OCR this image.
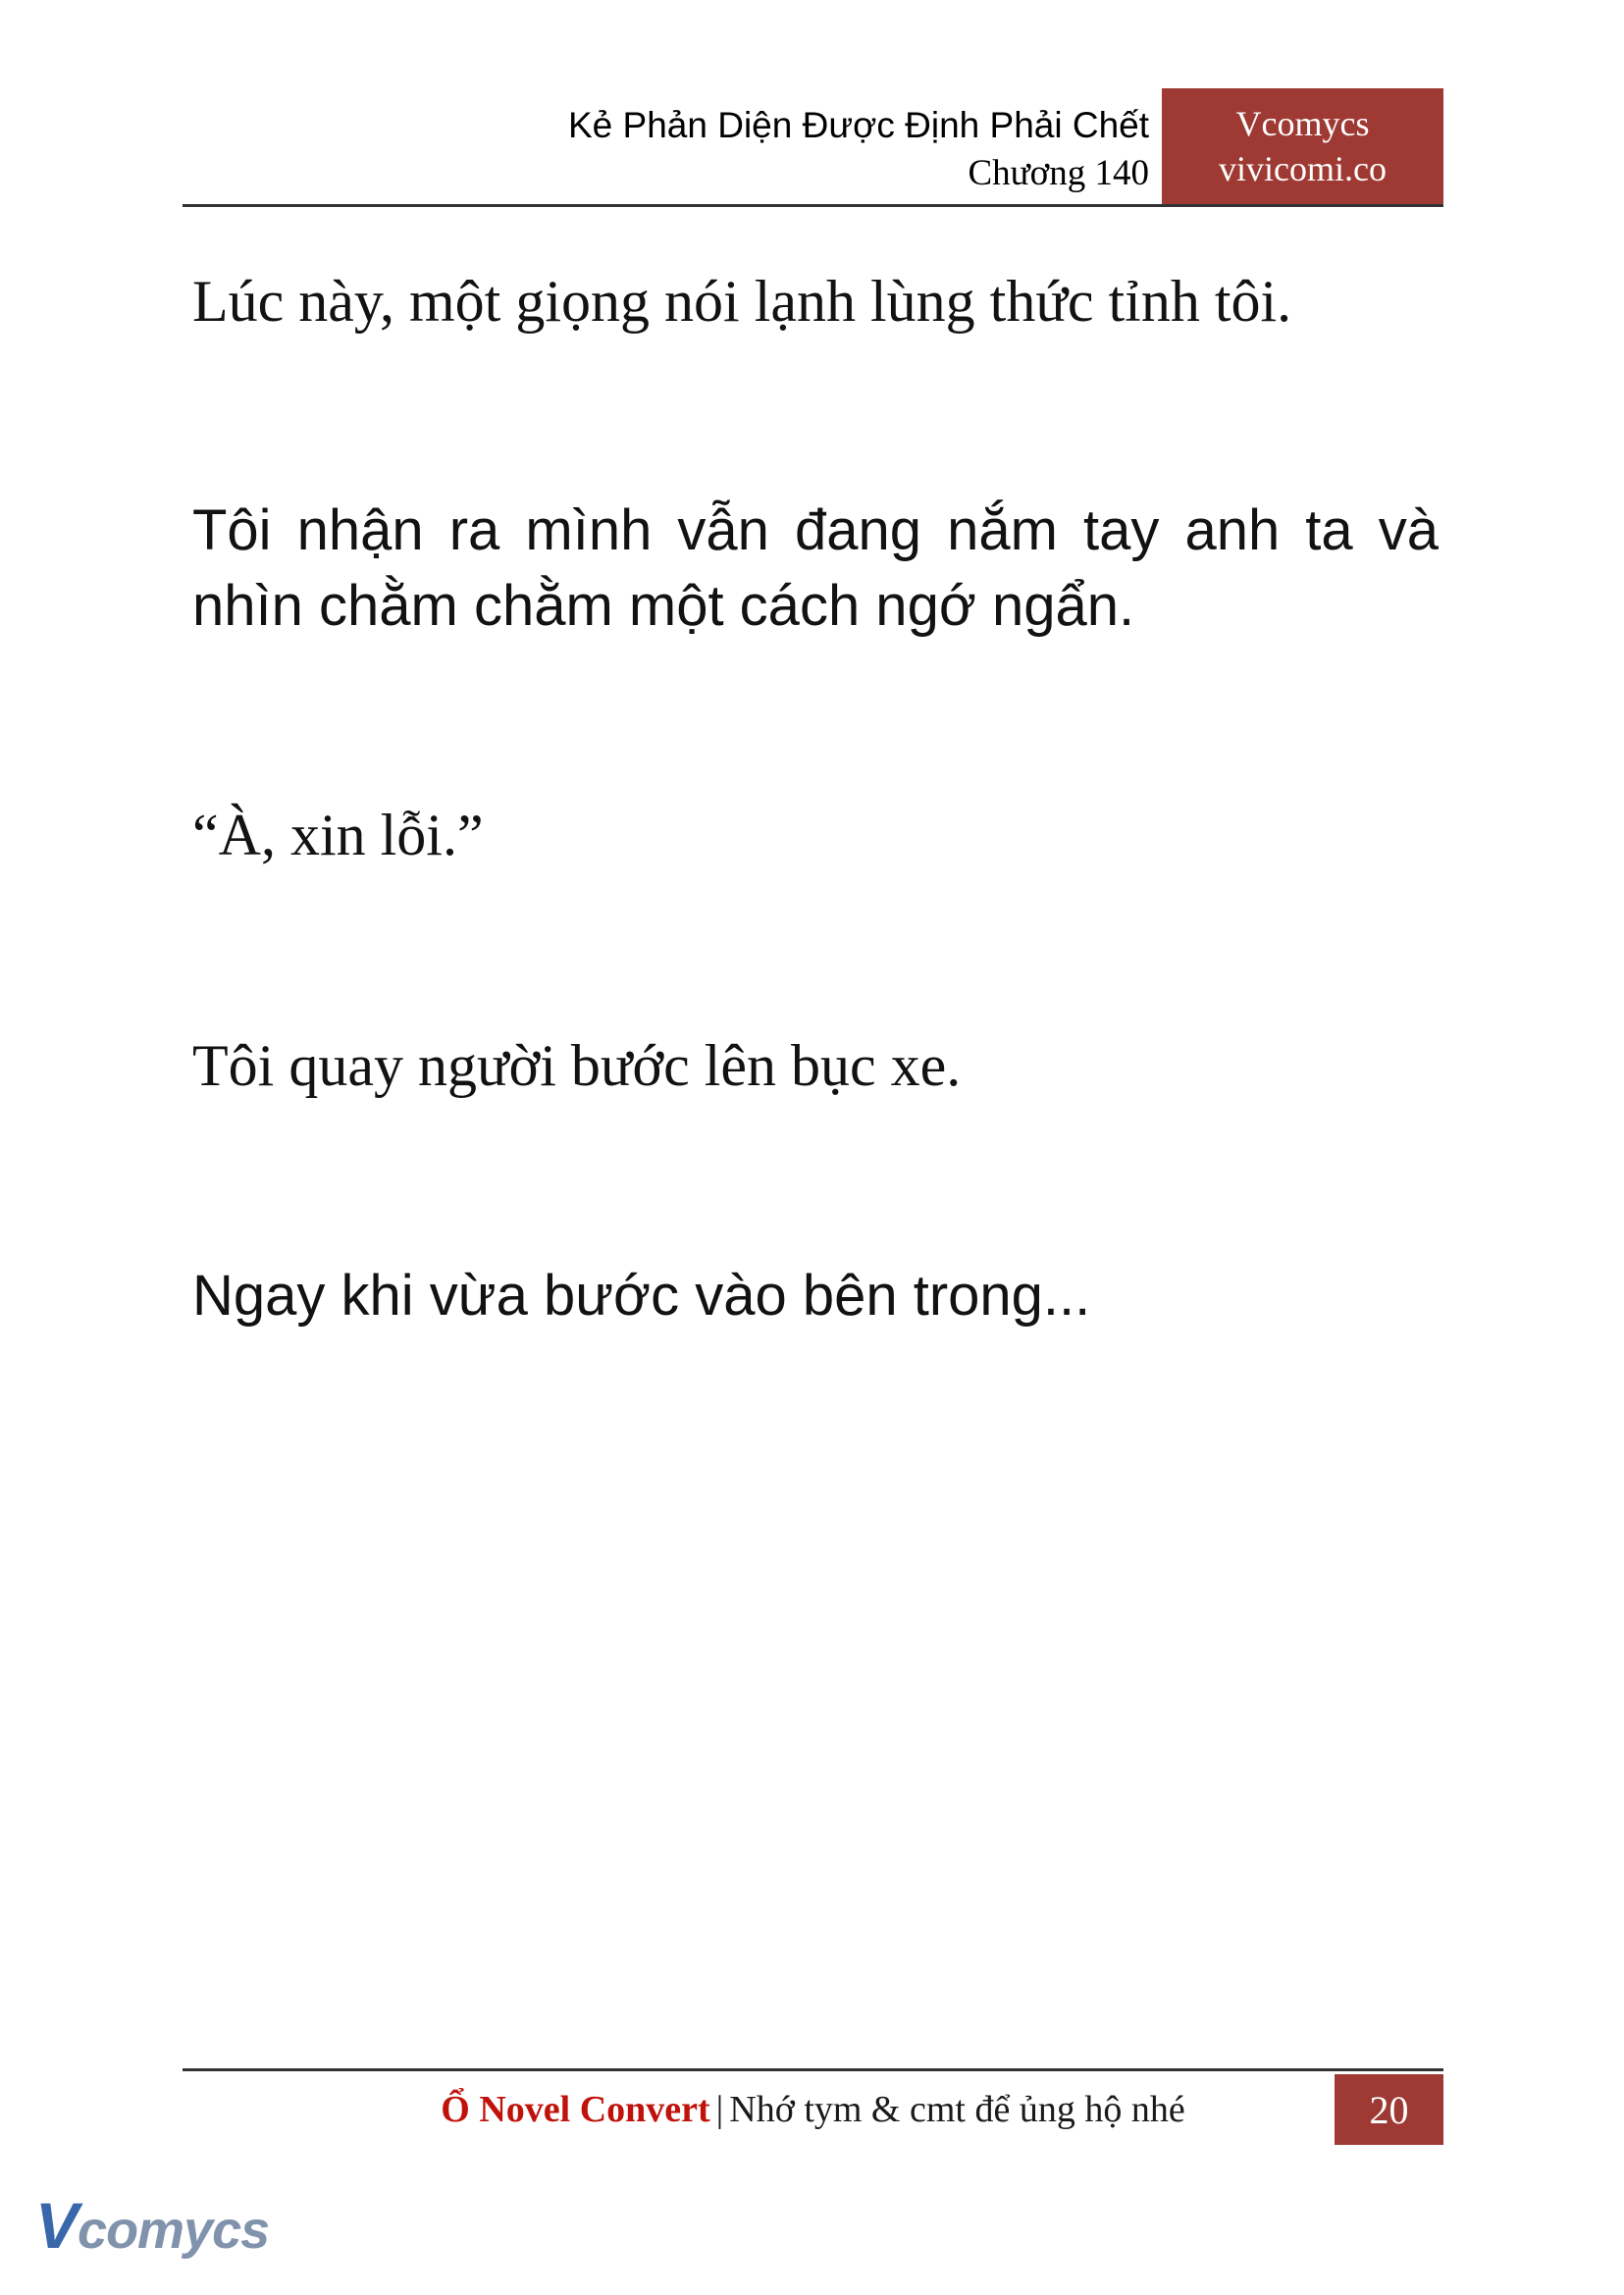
Kẻ Phản Diện Được Định Phải Chết
Chương 140
Vcomycs
vivicomi.co

Lúc này, một giọng nói lạnh lùng thức tỉnh tôi.

Tôi nhận ra mình vẫn đang nắm tay anh ta và nhìn chằm chằm một cách ngớ ngẩn.

“À, xin lỗi.”

Tôi quay người bước lên bục xe.

Ngay khi vừa bước vào bên trong...

Ổ Novel Convert | Nhớ tym & cmt để ủng hộ nhé	20
Vcomycs
